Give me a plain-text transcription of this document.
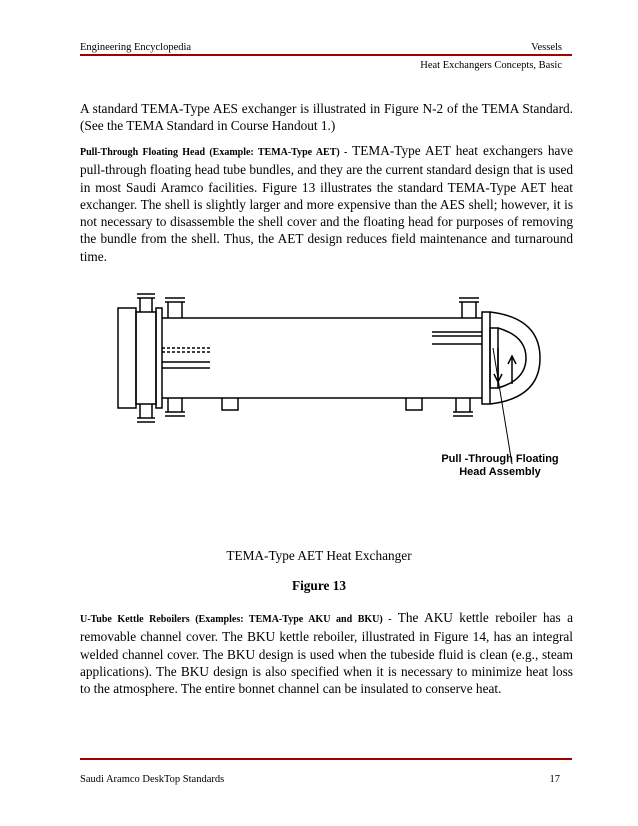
Engineering Encyclopedia	Vessels
Heat Exchangers Concepts, Basic
A standard TEMA-Type AES exchanger is illustrated in Figure N-2 of the TEMA Standard. (See the TEMA Standard in Course Handout 1.)
Pull-Through Floating Head (Example: TEMA-Type AET) - TEMA-Type AET heat exchangers have pull-through floating head tube bundles, and they are the current standard design that is used in most Saudi Aramco facilities. Figure 13 illustrates the standard TEMA-Type AET heat exchanger. The shell is slightly larger and more expensive than the AES shell; however, it is not necessary to disassemble the shell cover and the floating head for purposes of removing the bundle from the shell. Thus, the AET design reduces field maintenance and turnaround time.
Pull -Through Floating
Head Assembly
TEMA-Type AET Heat Exchanger
Figure 13
U-Tube Kettle Reboilers (Examples: TEMA-Type AKU and BKU) - The AKU kettle reboiler has a removable channel cover. The BKU kettle reboiler, illustrated in Figure 14, has an integral welded channel cover. The BKU design is used when the tubeside fluid is clean (e.g., steam applications). The BKU design is also specified when it is necessary to minimize heat loss to the atmosphere. The entire bonnet channel can be insulated to conserve heat.
Saudi Aramco DeskTop Standards	17
